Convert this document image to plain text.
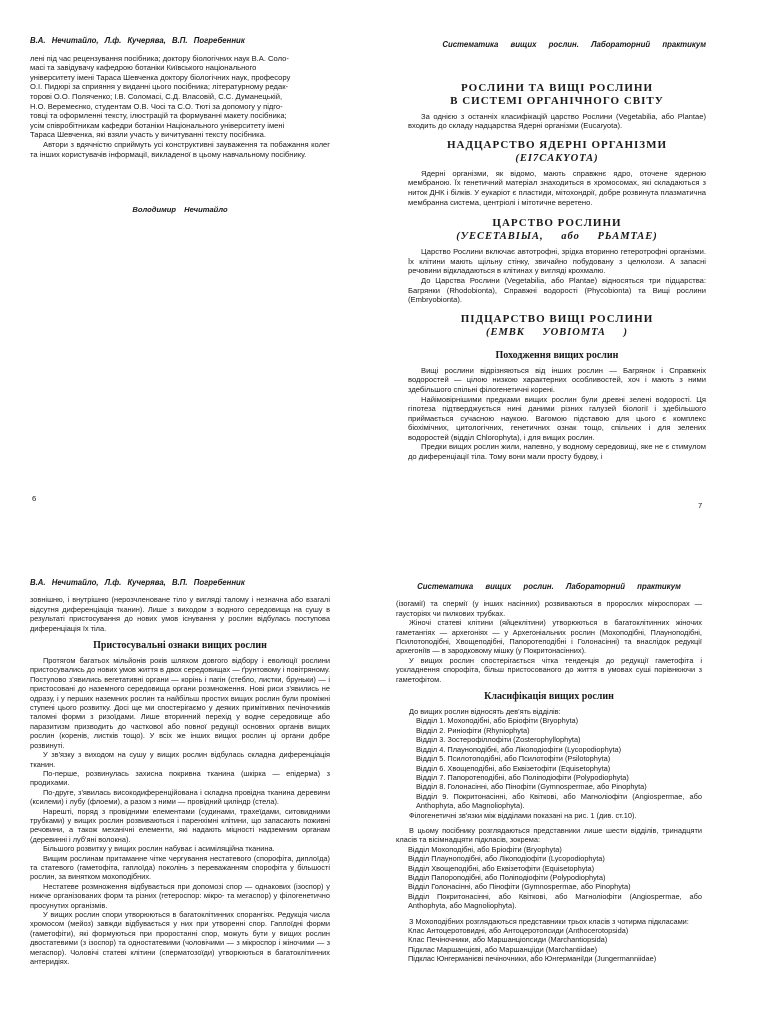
В.А. Нечитайло, Л.ф. Кучерява, В.П. Погребенник

лені під час рецензування посібника; доктору біологічних наук В.А. Соло-

масі та завідувачу кафедрою ботаніки Київського національного

університету імені Тараса Шевченка доктору біологічних наук, професору

О.І. Пидюрі за сприяння у виданні цього посібника; літературному редак-

торові О.О. Поляченко; І.В. Соломасі, С.Д. Власовій, С.С. Думанецькій,

Н.О. Веремеєнко, студентам О.В. Чосі та С.О. Тюті за допомогу у підго-

товці та оформленні тексту, ілюстрацій та формуванні макету посібника;

усім співробітникам кафедри ботаніки Національного університету імені

Тараса Шевченка, які взяли участь у вичитуванні тексту посібника.

Автори з вдячністю сприймуть усі конструктивні зауваження та побажання колег та інших користувачів інформації, викладеної в цьому навчальному посібнику.

Володимир Нечитайло
6
Систематика вищих рослин. Лабораторний практикум
РОСЛИНИ ТА ВИЩІ РОСЛИНИ
В СИСТЕМІ ОРГАНІЧНОГО СВІТУ

За однією з останніх класифікацій царство Рослини (Vegetabilia, або Plantae) входить до складу надцарства Ядерні організми (Eucaryota).

НАДЦАРСТВО ЯДЕРНІ ОРГАНІЗМИ
(EI7CAKYOTA)

Ядерні організми, як відомо, мають справжнє ядро, оточене ядерною мембраною. Їх генетичний матеріал знаходиться в хромосомах, які складаються з ниток ДНК і білків. У еукаріот є пластиди, мітохондрії, добре розвинута плазматична мембранна система, центріолі і мітотичне веретено.

ЦАРСТВО РОСЛИНИ
(УЕСЕТАВІЫА, або РЬАМТАЕ)

Царство Рослини включає автотрофні, зрідка вторинно гетеротрофні організми. Їх клітини мають щільну стінку, звичайно побудовану з целюлози. А запасні речовини відкладаються в клітинах у вигляді крохмалю.

До Царства Рослини (Vegetabilia, або Plantae) відносяться три підцарства: Багрянки (Rhodobionta), Справжні водорості (Phycobionta) та Вищі рослини (Embryobionta).

ПІДЦАРСТВО ВИЩІ РОСЛИНИ
(ЕМВК УОВІОМТА )
Походження вищих рослин

Вищі рослини відрізняються від інших рослин — Багрянок і Справжніх водоростей — цілою низкою характерних особливостей, хоч і мають з ними здебільшого спільні філогенетичні корені.

Найімовірнішими предками вищих рослин були древні зелені водорості. Ця гіпотеза підтверджується нині даними різних галузей біології і здебільшого приймається сучасною наукою. Вагомою підставою для цього є комплекс біохімічних, цитологічних, генетичних ознак тощо, спільних і для зелених водоростей (відділ Chlorophyta), і для вищих рослин.

Предки вищих рослин жили, напевно, у водному середовищі, яке не є стимулом до диференціації тіла. Тому вони мали просту будову, і

7
В.А. Нечитайло, Л.ф. Кучерява, В.П. Погребенник

зовнішню, і внутрішню (нерозчленоване тіло у вигляді талому і незначна або взагалі відсутня диференціація тканин). Лише з виходом з водного середовища на сушу в результаті пристосування до нових умов існування у рослин відбулась поступова диференціація їх тіла.

Пристосувальні ознаки вищих рослин

Протягом багатьох мільйонів років шляхом довгого відбору і еволюції рослини пристосувались до нових умов життя в двох середовищах — ґрунтовому і повітряному. Поступово з'явились вегетативні органи — корінь і пагін (стебло, листки, бруньки) — і пристосовані до наземного середовища органи розмноження. Нові риси з'явились не одразу, і у перших наземних рослин та найбільш простих вищих рослин були проміжні ступені цього розвитку. Досі ще ми спостерігаємо у деяких примітивних печіночників таломні форми з ризоїдами. Лише вторинний перехід у водне середовище або паразитизм призводить до часткової або повної редукції основних органів вищих рослин (коренів, листків тощо). У всіх же інших вищих рослин ці органи добре розвинуті.

У зв'язку з виходом на сушу у вищих рослин відбулась складна диференціація тканин.

По-перше, розвинулась захисна покривна тканина (шкірка — епідерма) з продихами.

По-друге, з'явилась високодиференційована і складна провідна тканина деревини (ксилеми) і лубу (флоеми), а разом з ними — провідний циліндр (стела).

Нарешті, поряд з провідними елементами (судинами, трахеїдами, ситовидними трубками) у вищих рослин розвиваються і паренхімні клітини, що запасають поживні речовини, а також механічні елементи, які надають міцності надземним органам (деревинні і луб'яні волокна).

Більшого розвитку у вищих рослин набуває і асиміляційна тканина.

Вищим рослинам притаманне чітке чергування нестатевого (спорофіта, диплоїда) та статевого (гаметофіта, гаплоїда) поколінь з переважанням спорофіта у більшості рослин, за винятком мохоподібних.

Нестатеве розмноження відбувається при допомозі спор — однакових (ізоспор) у нижче організованих форм та різних (гетероспор: мікро- та мегаспор) у філогенетично просунутих організмів.

У вищих рослин спори утворюються в багатоклітинних спорангіях. Редукція числа хромосом (мейоз) завжди відбувається у них при утворенні спор. Гаплоїдні форми (гаметофіти), які формуються при проростанні спор, можуть бути у вищих рослин двостатевими (з ізоспор) та одностатевими (чоловічими — з мікроспор і жіночими — з мегаспор). Чоловічі статеві клітини (сперматозоїди) утворюються в багатоклітинних антеридіях.

Систематика вищих рослин. Лабораторний практикум

(ізогамії) та спермії (у інших насінних) розвиваються в пророслих мікроспорах — гаусторіях чи пилкових трубках.

Жіночі статеві клітини (яйцеклітини) утворюються в багатоклітинних жіночих гаметангіях — архегоніях — у Архегоніальних рослин (Мохоподібні, Плауноподібні, Псилотоподібні, Хвощеподібні, Папоротеподібні і Голонасінні) та внаслідок редукції архегоніїв — в зародковому мішку (у Покритонасінних).

У вищих рослин спостерігається чітка тенденція до редукції гаметофіта і ускладнення спорофіта, більш пристосованого до життя в умовах суші порівнюючи з гаметофітом.

Класифікація вищих рослин

До вищих рослин відносять дев'ять відділів:

Відділ 1. Мохоподібні, або Бріофіти (Bryophyta)

Відділ 2. Риніофіти (Rhyniophyta)

Відділ 3. Зостерофіллофіти (Zosterophyllophyta)

Відділ 4. Плауноподібні, або Лікоподіофіти (Lycopodiophyta)

Відділ 5. Псилотоподібні, або Псилотофіти (Psilotophyta)

Відділ 6. Хвощеподібні, або Еквізетофіти (Equisetophyta)

Відділ 7. Папоротеподібні, або Поліподіофіти (Polypodiophyta)

Відділ 8. Голонасінні, або Пінофіти (Gymnospermae, або Pinophyta)

Відділ 9. Покритонасінні, або Квіткові, або Магноліофіти (Angiospermae, або Anthophyta, або Magnoliophyta).

Філогенетичні зв'язки між відділами показані на рис. 1 (див. ст.10).

В цьому посібнику розглядаються представники лише шести відділів, тринадцяти класів та вісімнадцяти підкласів, зокрема:

Відділ Мохоподібні, або Бріофіти (Bryophyta)

Відділ Плауноподібні, або Лікоподіофіти (Lycopodiophyta)

Відділ Хвощеподібні, або Еквізетофіти (Equisetophyta)

Відділ Папороподібні, або Поліподіофіти (Polypodiophyta)

Відділ Голонасінні, або Пінофіти (Gymnospermae, або Pinophyta)

Відділ Покритонасінні, або Квіткові, або Магноліофіти (Angiospermae, або Anthophyta, або Magnoliophyta).

З Мохоподібних розглядаються представники трьох класів з чотирма підкласами:

Клас Антоцеротовидні, або Антоцеротопсиди (Anthocerotopsida)

Клас Печіночники, або Маршанціопсиди (Marchantiopsida)

Підклас Маршанцієві, або Маршанцііди (Marchantiidae)

Підклас Юнгерманієві печіночники, або Юнгерманіїди (Jungermanniidae)
